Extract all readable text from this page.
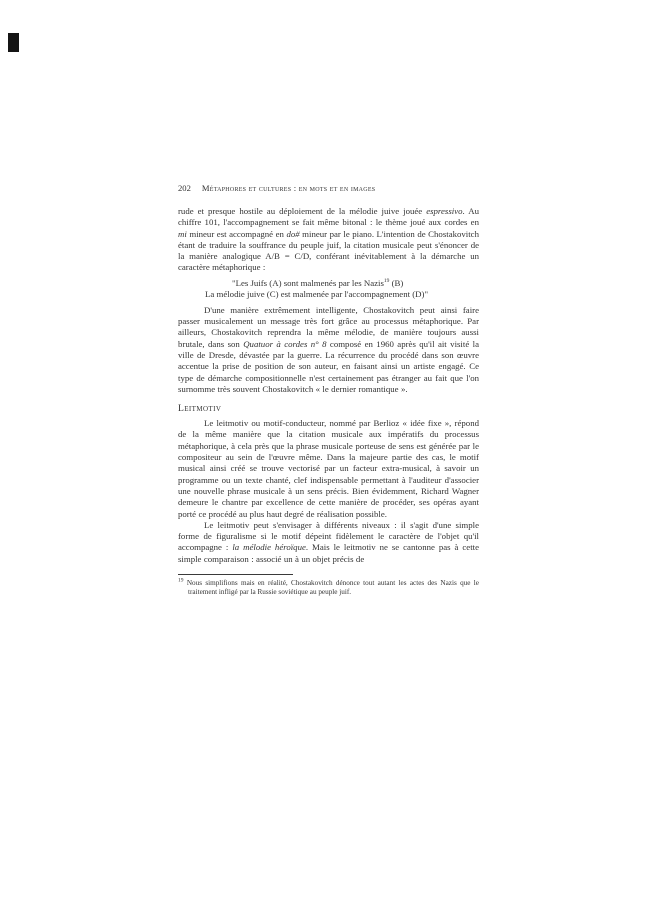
202 Métaphores et cultures : en mots et en images

rude et presque hostile au déploiement de la mélodie juive jouée espressivo. Au chiffre 101, l'accompagnement se fait même bitonal : le thème joué aux cordes en mi mineur est accompagné en do# mineur par le piano. L'intention de Chostakovitch étant de traduire la souffrance du peuple juif, la citation musicale peut s'énoncer de la manière analogique A/B = C/D, conférant inévitablement à la démarche un caractère métaphorique :

"Les Juifs (A) sont malmenés par les Nazis$^{19}$ (B)
La mélodie juive (C) est malmenée par l'accompagnement (D)"

D'une manière extrêmement intelligente, Chostakovitch peut ainsi faire passer musicalement un message très fort grâce au processus métaphorique. Par ailleurs, Chostakovitch reprendra la même mélodie, de manière toujours aussi brutale, dans son Quatuor à cordes n° 8 composé en 1960 après qu'il ait visité la ville de Dresde, dévastée par la guerre. La récurrence du procédé dans son œuvre accentue la prise de position de son auteur, en faisant ainsi un artiste engagé. Ce type de démarche compositionnelle n'est certainement pas étranger au fait que l'on surnomme très souvent Chostakovitch « le dernier romantique ».

Leitmotiv

Le leitmotiv ou motif-conducteur, nommé par Berlioz « idée fixe », répond de la même manière que la citation musicale aux impératifs du processus métaphorique, à cela près que la phrase musicale porteuse de sens est générée par le compositeur au sein de l'œuvre même. Dans la majeure partie des cas, le motif musical ainsi créé se trouve vectorisé par un facteur extra-musical, à savoir un programme ou un texte chanté, clef indispensable permettant à l'auditeur d'associer une nouvelle phrase musicale à un sens précis. Bien évidemment, Richard Wagner demeure le chantre par excellence de cette manière de procéder, ses opéras ayant porté ce procédé au plus haut degré de réalisation possible.

Le leitmotiv peut s'envisager à différents niveaux : il s'agit d'une simple forme de figuralisme si le motif dépeint fidèlement le caractère de l'objet qu'il accompagne : la mélodie héroïque. Mais le leitmotiv ne se cantonne pas à cette simple comparaison : associé un à un objet précis de

$^{19}$ Nous simplifions mais en réalité, Chostakovitch dénonce tout autant les actes des Nazis que le traitement infligé par la Russie soviétique au peuple juif.
